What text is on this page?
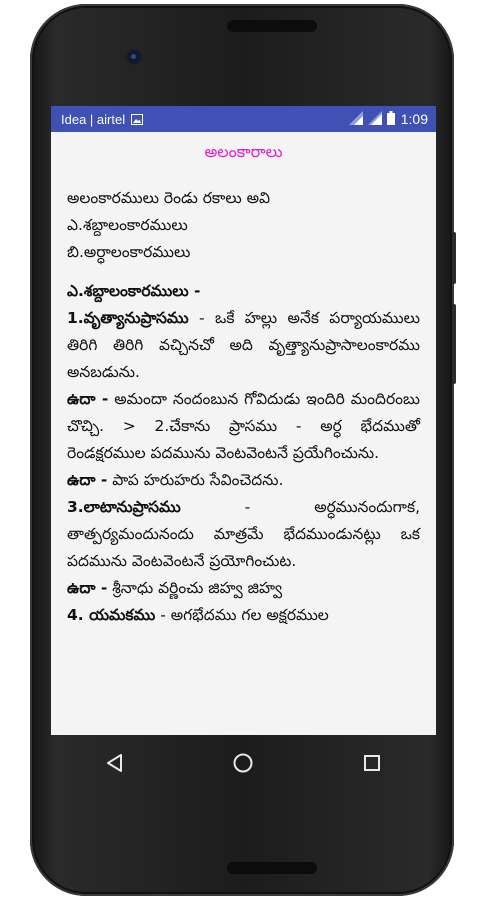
Idea | airtel	1:09
అలంకారాలు

అలంకారములు రెండు రకాలు అవి

ఎ.శబ్దాలంకారములు

బి.అర్ధాలంకారములు

ఎ.శబ్దాలంకారములు -

1.వృత్యానుప్రాసము - ఒకే హల్లు అనేక పర్యాయములు తిరిగి తిరిగి వచ్చినచో అది వృత్త్యానుప్రాసాలంకారము అనబడును.

ఉదా - అమందా నందంబున గోవిదుడు ఇందిరి మందిరంబు చొచ్చి. > 2.చేకాను ప్రాసము - అర్ధ భేదముతో రెండక్షరముల పదమును వెంటవెంటనే ప్రయేగించును.

ఉదా - పాప హరుహరు సేవించెదను.

3.లాటానుప్రాసము - అర్ధమునందుగాక, తాత్పర్యమందునందు మాత్రమే భేదముండునట్లు ఒక పదమును వెంటవెంటనే ప్రయోగించుట.

ఉదా - శ్రీనాధు వర్ణించు జిహ్వ జిహ్వ

4. యమకము - అగభేదము గల అక్షరముల
